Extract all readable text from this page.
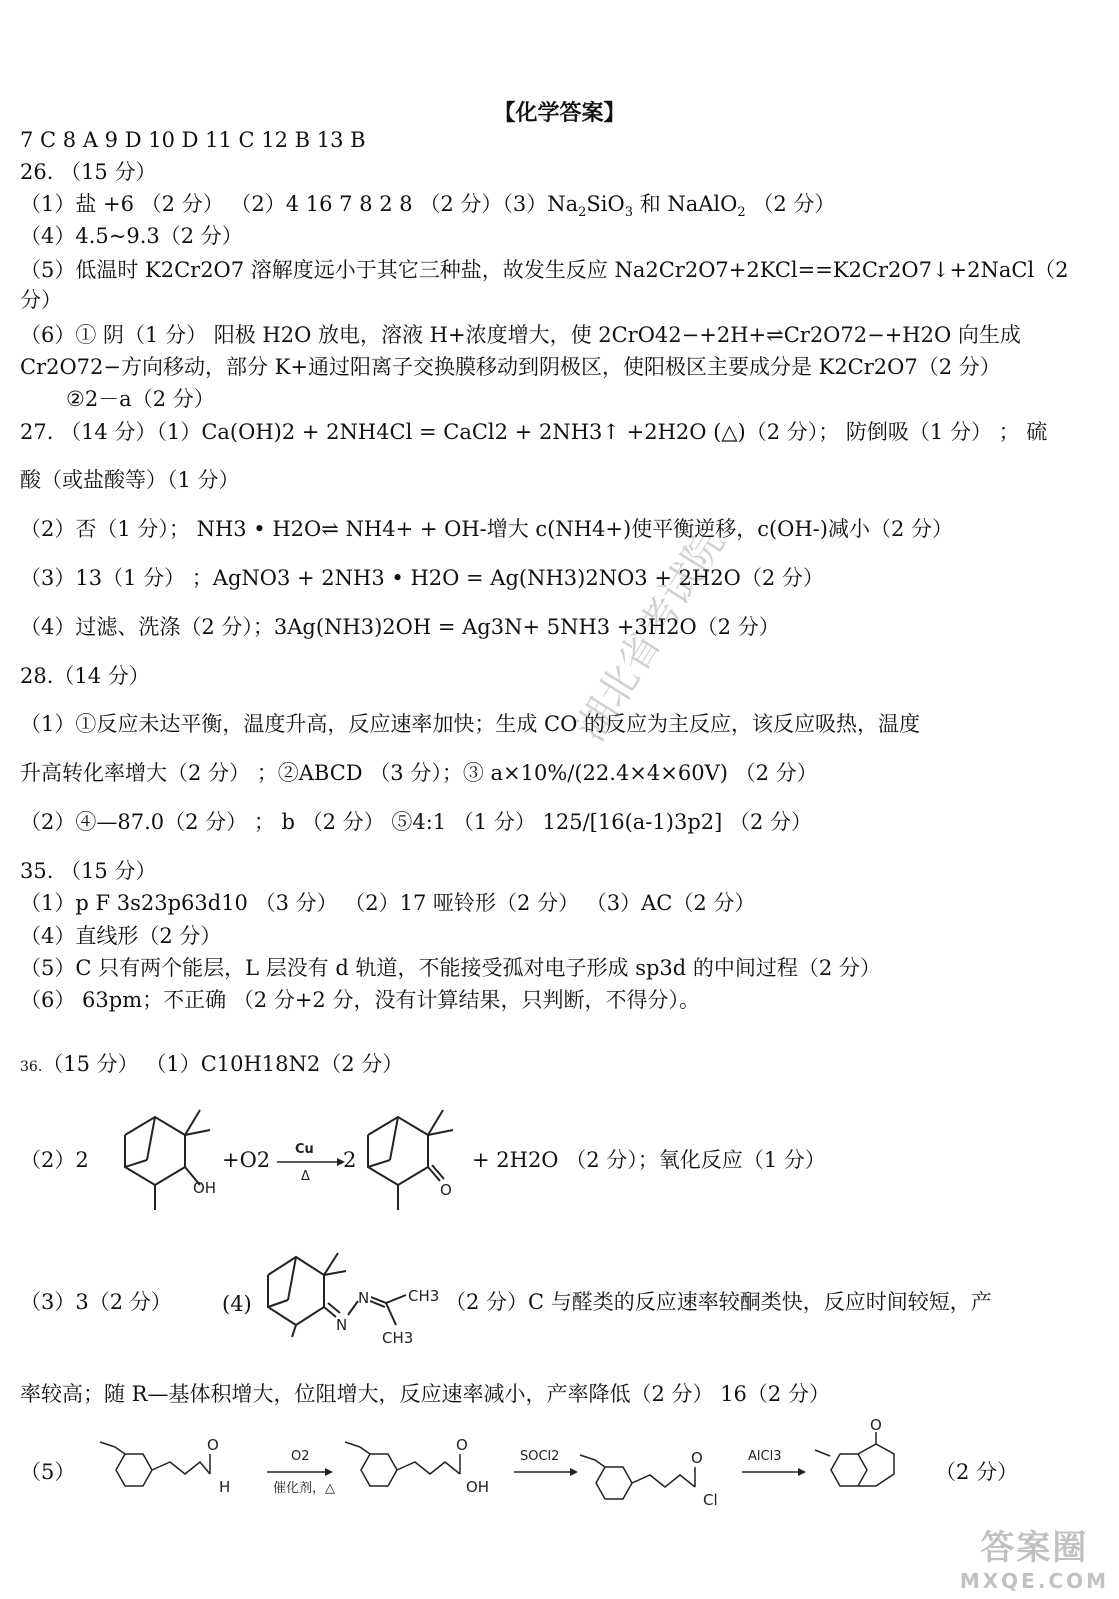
【化学答案】
7 C 8 A 9 D 10 D 11 C 12 B 13 B
26. （15 分）
（1）盐 +6 （2 分） （2）4 16 7 8 2 8 （2 分）$(3)Na_2SiO_3$ 和 NaAlO$_2$ （2 分）
（4）4.5~9.3（2 分）
（5）低温时 K2Cr2O7 溶解度远小于其它三种盐，故发生反应 Na2Cr2O7+2KCl==K2Cr2O7↓+2NaCl（2
分）
（6）① 阴（1 分） 阳极 H2O 放电，溶液 H+浓度增大，使 2CrO42−+2H+⇌Cr2O72−+H2O 向生成
Cr2O72−方向移动，部分 K+通过阳离子交换膜移动到阴极区，使阳极区主要成分是 K2Cr2O7（2 分）
②2－a（2 分）
27. （14 分）（1）Ca(OH)2 + 2NH4Cl = CaCl2 + 2NH3↑ +2H2O (△)（2 分）； 防倒吸（1 分） ； 硫
酸（或盐酸等）（1 分）
（2）否（1 分）； NH3 • H2O⇌ NH4+ + OH-增大 c(NH4+)使平衡逆移，c(OH-)减小（2 分）
（3）13（1 分） ；AgNO3 + 2NH3 • H2O = Ag(NH3)2NO3 + 2H2O（2 分）
（4）过滤、洗涤（2 分）；3Ag(NH3)2OH = Ag3N+ 5NH3 +3H2O（2 分）
28.（14 分）
（1）①反应未达平衡，温度升高，反应速率加快；生成 CO 的反应为主反应，该反应吸热，温度
升高转化率增大（2 分） ；②ABCD （3 分）；③ a×10%/(22.4×4×60V) （2 分）
（2）④—87.0（2 分） ； b （2 分） ⑤4:1 （1 分） 125/[16(a-1)3p2] （2 分）
35. （15 分）
（1）p F 3s23p63d10 （3 分） （2）17 哑铃形（2 分） （3）AC（2 分）
（4）直线形（2 分）
（5）C 只有两个能层，L 层没有 d 轨道，不能接受孤对电子形成 sp3d 的中间过程（2 分）
（6） 63pm；不正确 （2 分+2 分，没有计算结果，只判断，不得分）。
36.（15 分） （1）C10H18N2（2 分）
（2）2
OH
+O2 Cu
Δ
2
O
+ 2H2O （2 分）；氧化反应（1 分）
（3）3（2 分） (4)
N
N	CH3
CH3
（2 分）C 与醛类的反应速率较酮类快，反应时间较短，产
率较高；随 R—基体积增大，位阻增大，反应速率减小，产率降低（2 分） 16（2 分）
（5）
O
H
O2
催化剂，△
O
OH
SOCl2	O
Cl
AlCl3
O
（2 分）
湖北省考试院
答案圈
MXQE.COM
